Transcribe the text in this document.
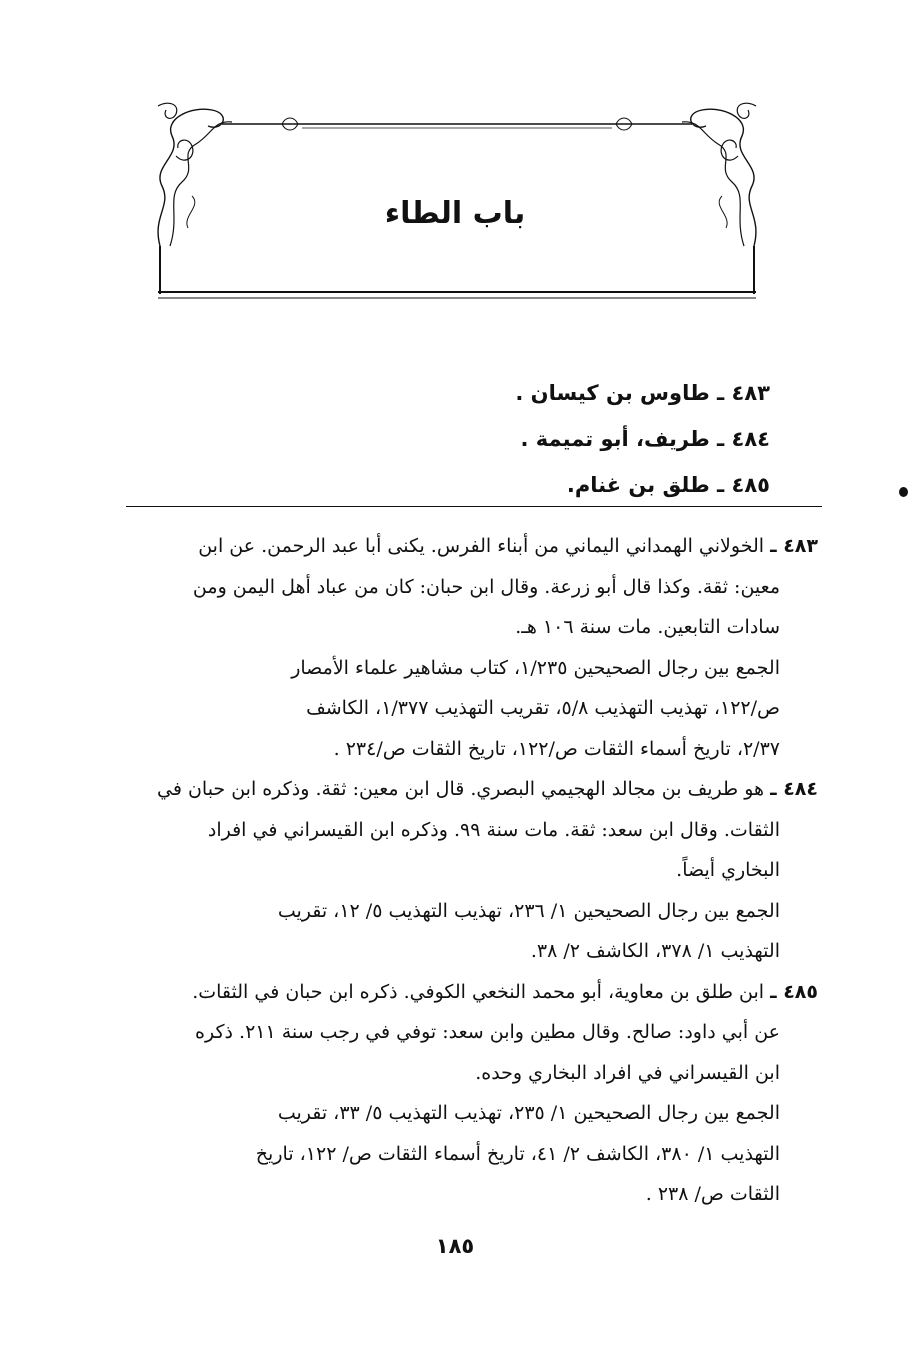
باب الطاء
٤٨٣ ـ طاوس بن كيسان .
٤٨٤ ـ طريف، أبو تميمة .
٤٨٥ ـ طلق بن غنام.

٤٨٣ ـ الخولاني الهمداني اليماني من أبناء الفرس. يكنى أبا عبد الرحمن. عن ابن

معين: ثقة. وكذا قال أبو زرعة. وقال ابن حبان: كان من عباد أهل اليمن ومن

سادات التابعين. مات سنة ١٠٦ هـ.

الجمع بين رجال الصحيحين ١/٢٣٥، كتاب مشاهير علماء الأمصار

ص/١٢٢، تهذيب التهذيب ٥/٨، تقريب التهذيب ١/٣٧٧، الكاشف

٢/٣٧، تاريخ أسماء الثقات ص/١٢٢، تاريخ الثقات ص/٢٣٤ .

٤٨٤ ـ هو طريف بن مجالد الهجيمي البصري. قال ابن معين: ثقة. وذكره ابن حبان في

الثقات. وقال ابن سعد: ثقة. مات سنة ٩٩. وذكره ابن القيسراني في افراد

البخاري أيضاً.

الجمع بين رجال الصحيحين ١/ ٢٣٦، تهذيب التهذيب ٥/ ١٢، تقريب

التهذيب ١/ ٣٧٨، الكاشف ٢/ ٣٨.

٤٨٥ ـ ابن طلق بن معاوية، أبو محمد النخعي الكوفي. ذكره ابن حبان في الثقات.

عن أبي داود: صالح. وقال مطين وابن سعد: توفي في رجب سنة ٢١١. ذكره

ابن القيسراني في افراد البخاري وحده.

الجمع بين رجال الصحيحين ١/ ٢٣٥، تهذيب التهذيب ٥/ ٣٣، تقريب

التهذيب ١/ ٣٨٠، الكاشف ٢/ ٤١، تاريخ أسماء الثقات ص/ ١٢٢، تاريخ

الثقات ص/ ٢٣٨ .

١٨٥
